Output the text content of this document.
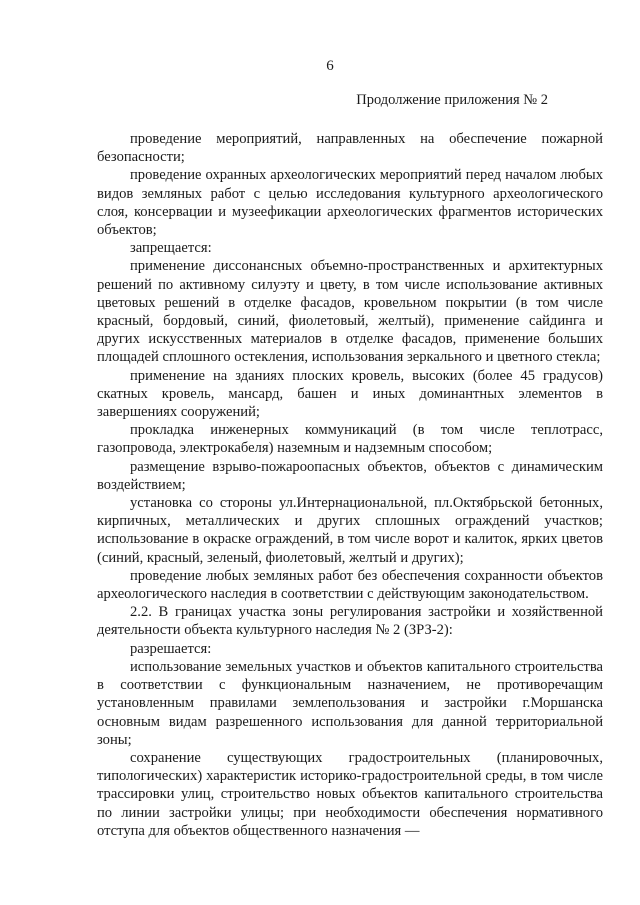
6
Продолжение приложения № 2

проведение мероприятий, направленных на обеспечение пожарной безопасности;

проведение охранных археологических мероприятий перед началом любых видов земляных работ с целью исследования культурного археологического слоя, консервации и музеефикации археологических фрагментов исторических объектов;

запрещается:

применение диссонансных объемно-пространственных и архитектурных решений по активному силуэту и цвету, в том числе использование активных цветовых решений в отделке фасадов, кровельном покрытии (в том числе красный, бордовый, синий, фиолетовый, желтый), применение сайдинга и других искусственных материалов в отделке фасадов, применение больших площадей сплошного остекления, использования зеркального и цветного стекла;

применение на зданиях плоских кровель, высоких (более 45 градусов) скатных кровель, мансард, башен и иных доминантных элементов в завершениях сооружений;

прокладка инженерных коммуникаций (в том числе теплотрасс, газопровода, электрокабеля) наземным и надземным способом;

размещение взрыво-пожароопасных объектов, объектов с динамическим воздействием;

установка со стороны ул.Интернациональной, пл.Октябрьской бетонных, кирпичных, металлических и других сплошных ограждений участков; использование в окраске ограждений, в том числе ворот и калиток, ярких цветов (синий, красный, зеленый, фиолетовый, желтый и других);

проведение любых земляных работ без обеспечения сохранности объектов археологического наследия в соответствии с действующим законодательством.

2.2. В границах участка зоны регулирования застройки и хозяйственной деятельности объекта культурного наследия № 2 (ЗРЗ-2):

разрешается:

использование земельных участков и объектов капитального строительства в соответствии с функциональным назначением, не противоречащим установленным правилами землепользования и застройки г.Моршанска основным видам разрешенного использования для данной территориальной зоны;

сохранение существующих градостроительных (планировочных, типологических) характеристик историко-градостроительной среды, в том числе трассировки улиц, строительство новых объектов капитального строительства по линии застройки улицы; при необходимости обеспечения нормативного отступа для объектов общественного назначения —
